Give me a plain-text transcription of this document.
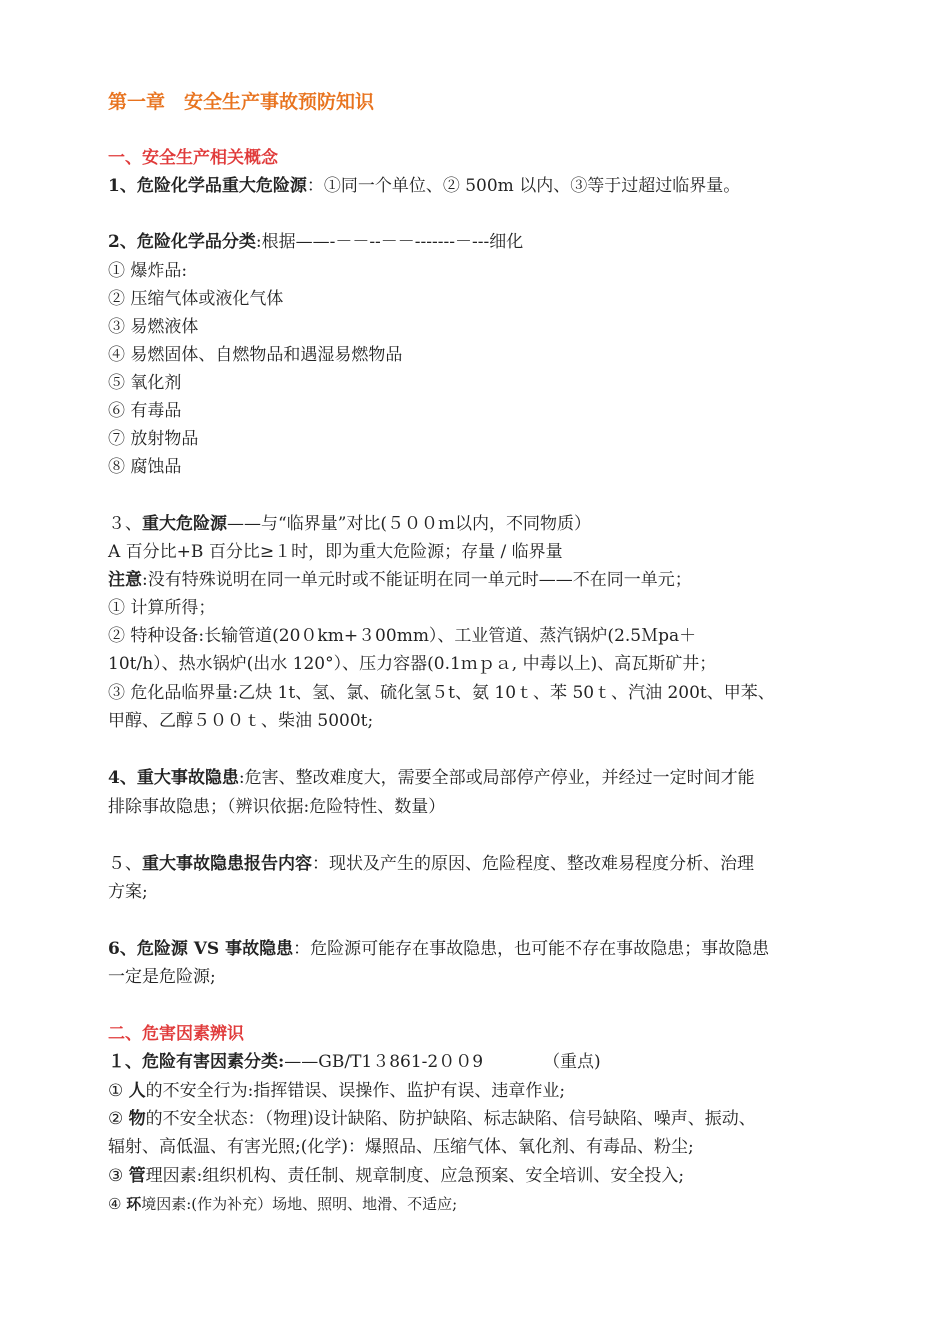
第一章　安全生产事故预防知识
一、安全生产相关概念
1、危险化学品重大危险源：①同一个单位、② 500m 以内、③等于过超过临界量。
2、危险化学品分类:根据——-－－--－－-------－---细化
① 爆炸品:
② 压缩气体或液化气体
③ 易燃液体
④ 易燃固体、自燃物品和遇湿易燃物品
⑤ 氧化剂
⑥ 有毒品
⑦ 放射物品
⑧ 腐蚀品
３、重大危险源——与“临界量”对比(５００ｍ以内，不同物质）
A 百分比+B 百分比≥１时，即为重大危险源；存量 / 临界量
注意:没有特殊说明在同一单元时或不能证明在同一单元时——不在同一单元；
① 计算所得；
② 特种设备:长输管道(20０km+３00mm）、工业管道、蒸汽锅炉(2.5Ｍpa＋
10t/h）、热水锅炉(出水 120°）、压力容器(0.1ｍｐａ, 中毒以上)、高瓦斯矿井；
③ 危化品临界量:乙炔 1t、氢、氯、硫化氢５t、氨 10ｔ、苯 50ｔ、汽油 200t、甲苯、
甲醇、乙醇５００ｔ、柴油 5000t;
4、重大事故隐患:危害、整改难度大，需要全部或局部停产停业，并经过一定时间才能
排除事故隐患；（辨识依据:危险特性、数量）
５、重大事故隐患报告内容：现状及产生的原因、危险程度、整改难易程度分析、治理
方案;
6、危险源 VS 事故隐患：危险源可能存在事故隐患，也可能不存在事故隐患；事故隐患
一定是危险源;
二、危害因素辨识
１、危险有害因素分类:——GB/T1３861-2００9	（重点)
① 人的不安全行为:指挥错误、误操作、监护有误、违章作业;
② 物的不安全状态：（物理)设计缺陷、防护缺陷、标志缺陷、信号缺陷、噪声、振动、
辐射、高低温、有害光照;(化学)：爆照品、压缩气体、氧化剂、有毒品、粉尘;
③ 管理因素:组织机构、责任制、规章制度、应急预案、安全培训、安全投入;
④ 环境因素:(作为补充）场地、照明、地滑、不适应;
